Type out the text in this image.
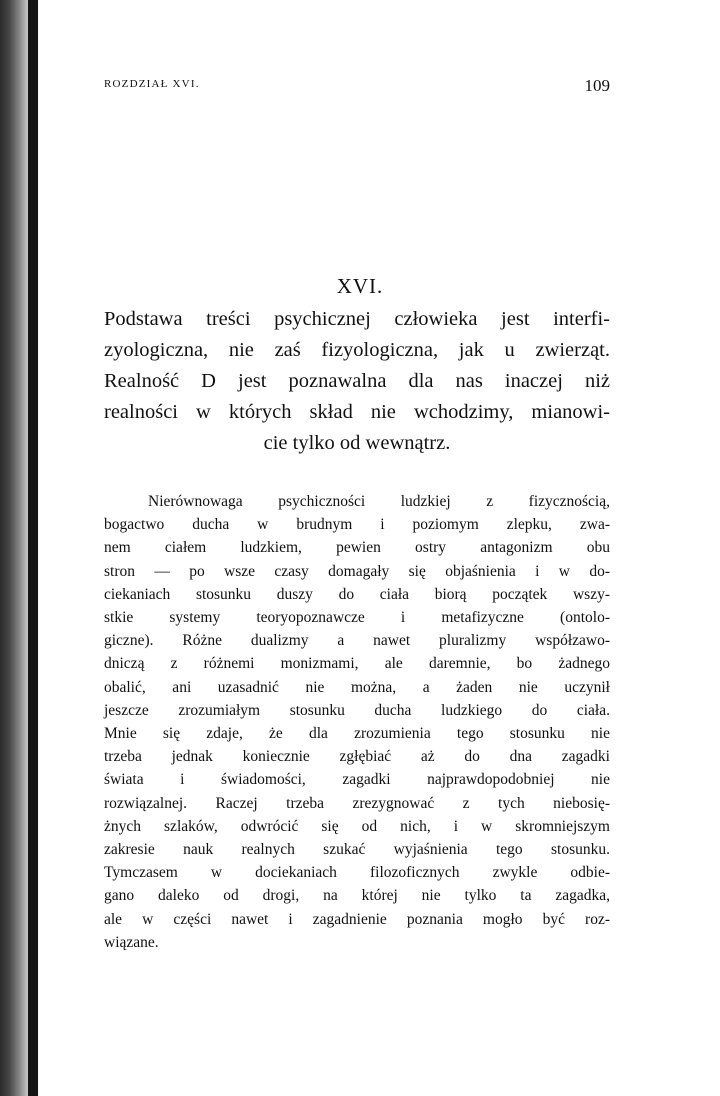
ROZDZIAŁ XVI.	109
XVI.
Podstawa treści psychicznej człowieka jest interfi-
zyologiczna, nie zaś fizyologiczna, jak u zwierząt.
Realność D jest poznawalna dla nas inaczej niż
realności w których skład nie wchodzimy, mianowi-
cie tylko od wewnątrz.
Nierównowaga psychiczności ludzkiej z fizycznością,
bogactwo ducha w brudnym i poziomym zlepku, zwa-
nem ciałem ludzkiem, pewien ostry antagonizm obu
stron — po wsze czasy domagały się objaśnienia i w do-
ciekaniach stosunku duszy do ciała biorą początek wszy-
stkie systemy teoryopoznawcze i metafizyczne (ontolo-
giczne). Różne dualizmy a nawet pluralizmy współzawo-
dniczą z różnemi monizmami, ale daremnie, bo żadnego
obalić, ani uzasadnić nie można, a żaden nie uczynił
jeszcze zrozumiałym stosunku ducha ludzkiego do ciała.
Mnie się zdaje, że dla zrozumienia tego stosunku nie
trzeba jednak koniecznie zgłębiać aż do dna zagadki
świata i świadomości, zagadki najprawdopodobniej nie
rozwiązalnej. Raczej trzeba zrezygnować z tych niebosię-
żnych szlaków, odwrócić się od nich, i w skromniejszym
zakresie nauk realnych szukać wyjaśnienia tego stosunku.
Tymczasem w dociekaniach filozoficznych zwykle odbie-
gano daleko od drogi, na której nie tylko ta zagadka,
ale w części nawet i zagadnienie poznania mogło być roz-
wiązane.
